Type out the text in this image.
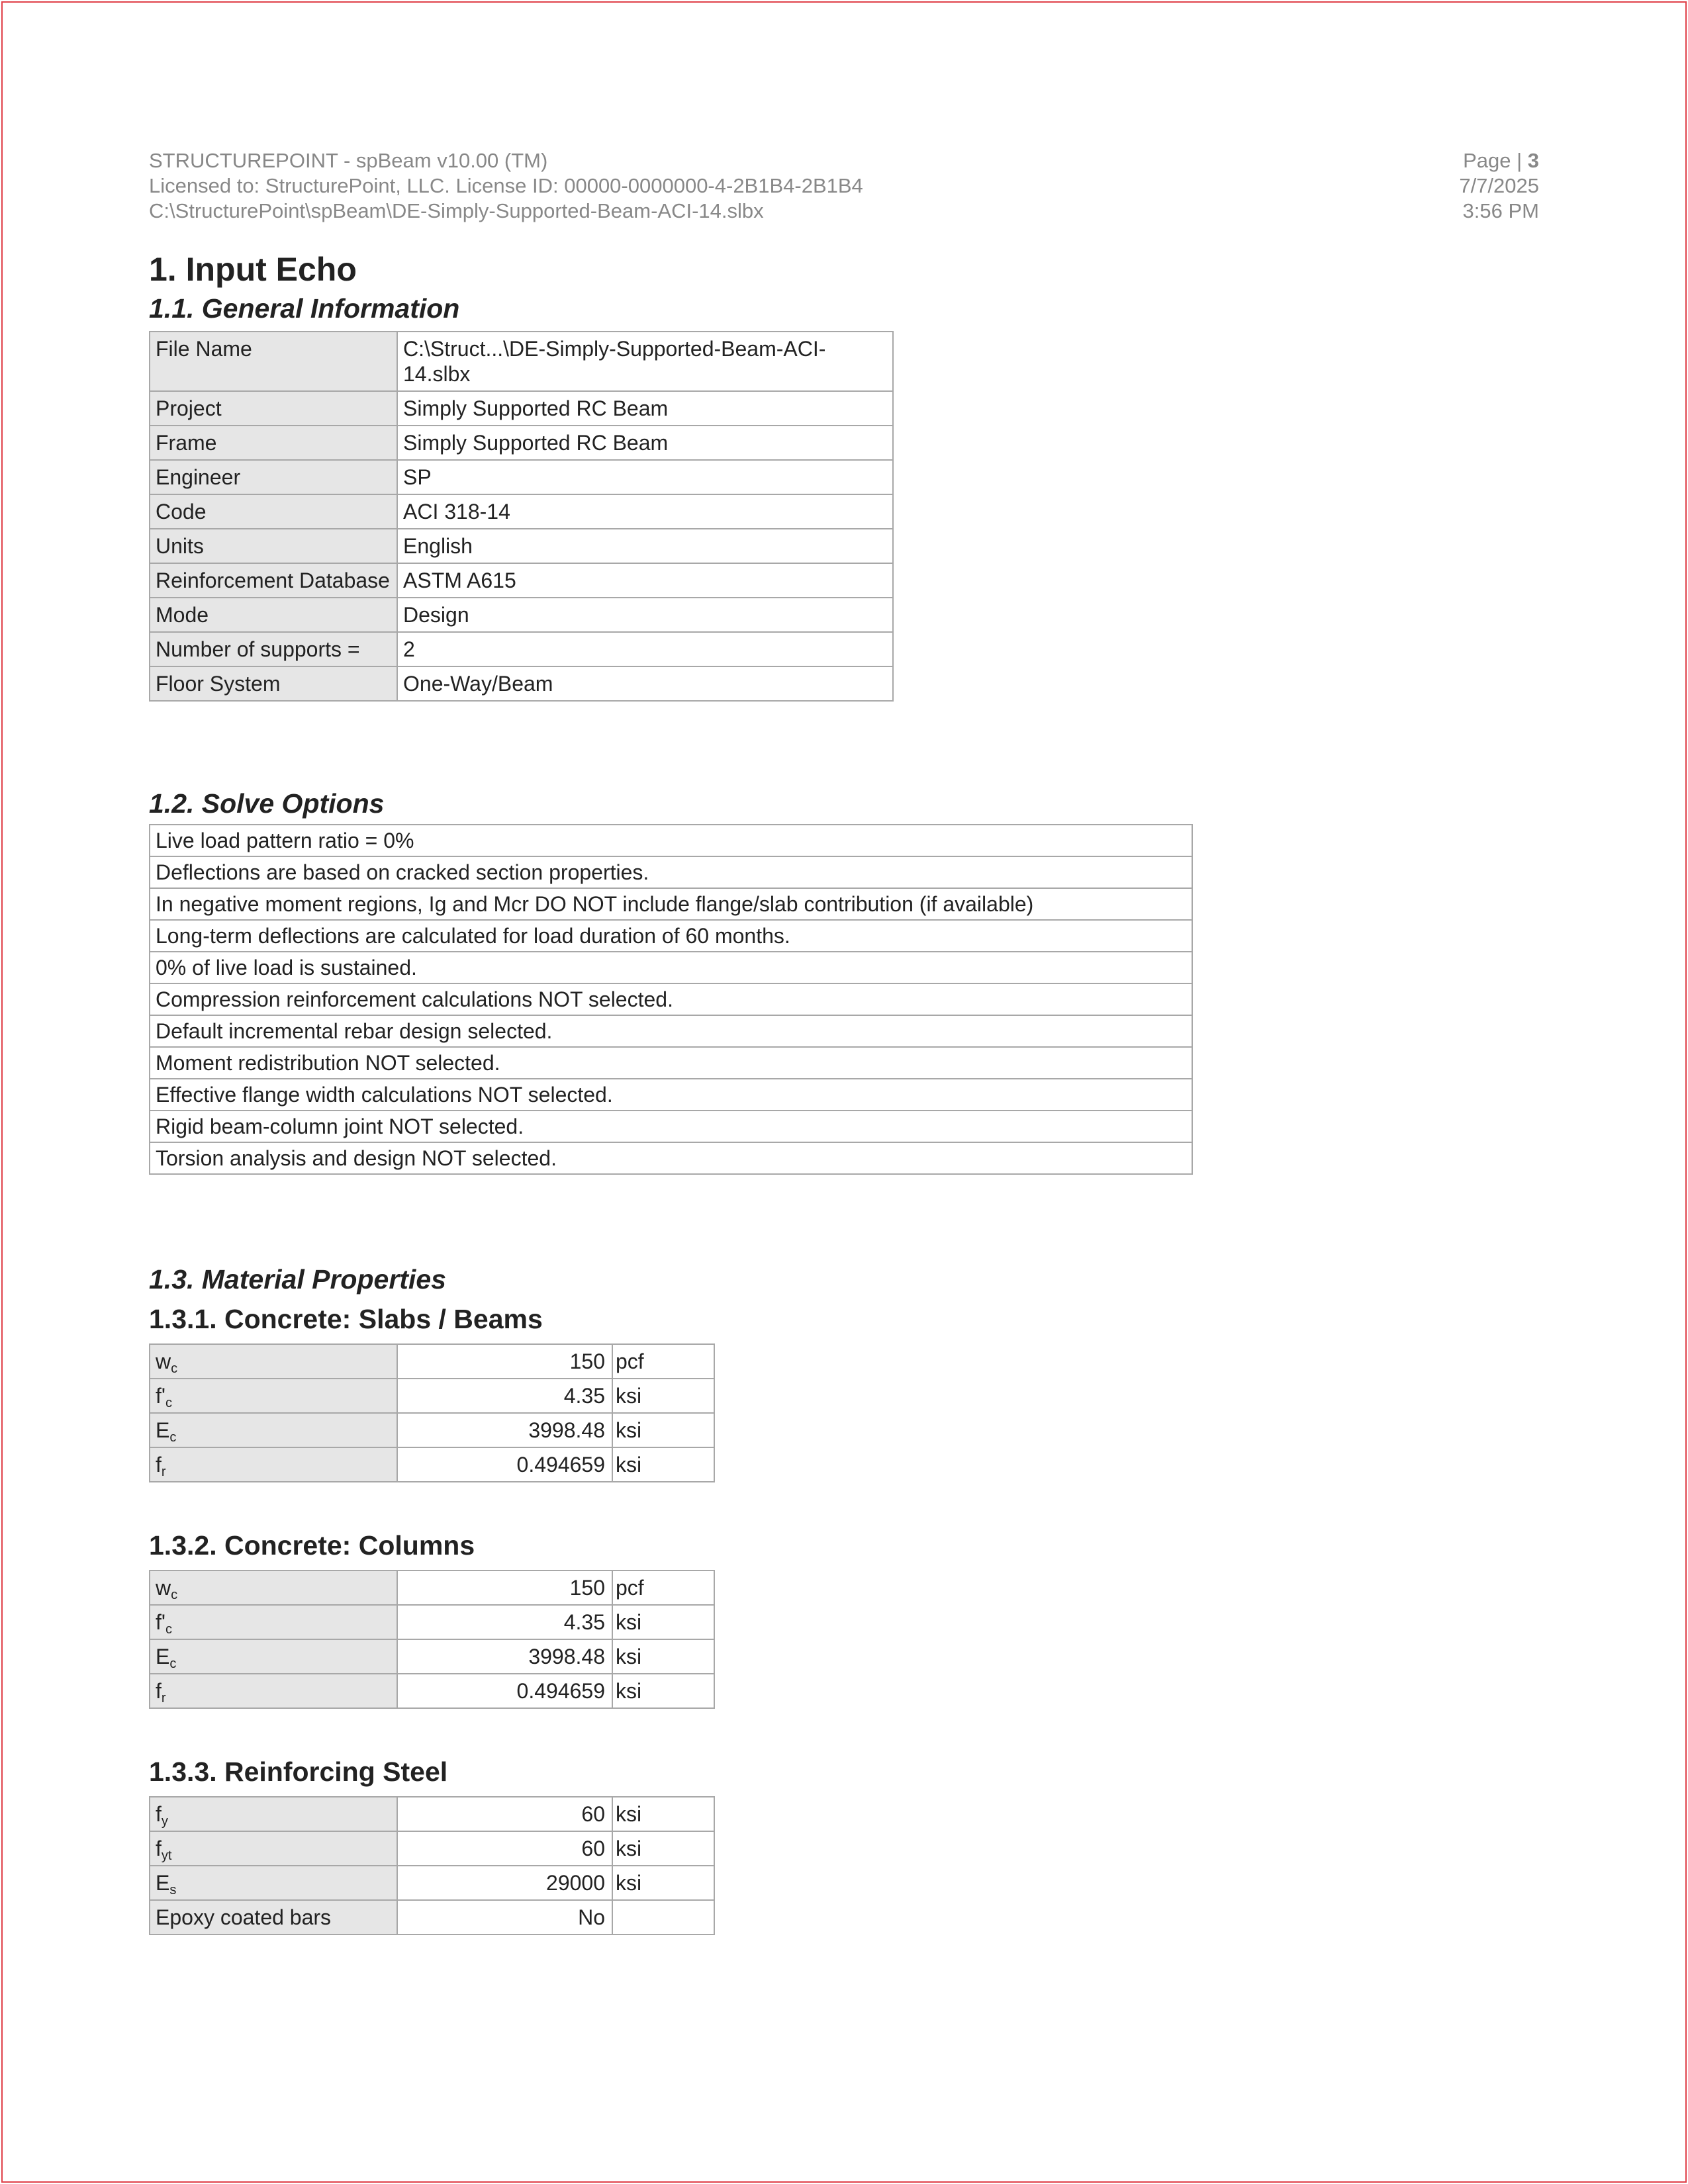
STRUCTUREPOINT - spBeam v10.00 (TM)
Licensed to: StructurePoint, LLC. License ID: 00000-0000000-4-2B1B4-2B1B4
C:\StructurePoint\spBeam\DE-Simply-Supported-Beam-ACI-14.slbx
Page | 3
7/7/2025
3:56 PM
1. Input Echo
1.1. General Information
File Name	C:\Struct...\DE-Simply-Supported-Beam-ACI-14.slbx
Project	Simply Supported RC Beam
Frame	Simply Supported RC Beam
Engineer	SP
Code	ACI 318-14
Units	English
Reinforcement Database	ASTM A615
Mode	Design
Number of supports =	2
Floor System	One-Way/Beam
1.2. Solve Options
Live load pattern ratio = 0%
Deflections are based on cracked section properties.
In negative moment regions, Ig and Mcr DO NOT include flange/slab contribution (if available)
Long-term deflections are calculated for load duration of 60 months.
0% of live load is sustained.
Compression reinforcement calculations NOT selected.
Default incremental rebar design selected.
Moment redistribution NOT selected.
Effective flange width calculations NOT selected.
Rigid beam-column joint NOT selected.
Torsion analysis and design NOT selected.
1.3. Material Properties
1.3.1. Concrete: Slabs / Beams
$w_c$	150	pcf
$f'_c$	4.35	ksi
$E_c$	3998.48	ksi
$f_r$	0.494659	ksi
1.3.2. Concrete: Columns
$w_c$	150	pcf
$f'_c$	4.35	ksi
$E_c$	3998.48	ksi
$f_r$	0.494659	ksi
1.3.3. Reinforcing Steel
$f_y$	60	ksi
$f_{yt}$	60	ksi
$E_s$	29000	ksi
Epoxy coated bars	No	
